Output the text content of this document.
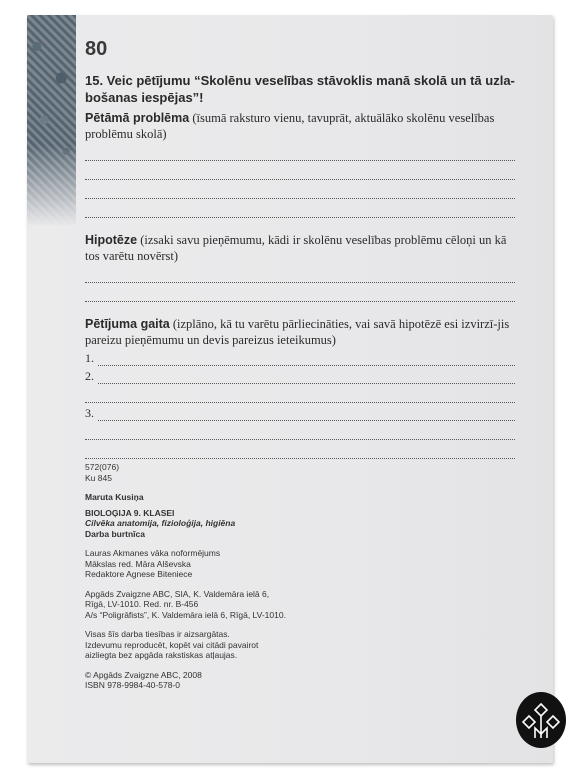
80
15. Veic pētījumu “Skolēnu veselības stāvoklis manā skolā un tā uzla-bošanas iespējas”!
Pētāmā problēma (īsumā raksturo vienu, tavuprāt, aktuālāko skolēnu veselības problēmu skolā)
Hipotēze (izsaki savu pieņēmumu, kādi ir skolēnu veselības problēmu cēloņi un kā tos varētu novērst)
Pētījuma gaita (izplāno, kā tu varētu pārliecināties, vai savā hipotēzē esi izvirzī-jis pareizu pieņēmumu un devis pareizus ieteikumus)
1.
2.
3.
572(076)
Ku 845
Maruta Kusiņa
BIOLOĢIJA 9. KLASEI
Cilvēka anatomija, fizioloģija, higiēna
Darba burtnīca
Lauras Akmanes vāka noformējums
Mākslas red. Māra Alševska
Redaktore Agnese Bitenieсe
Apgāds Zvaigzne ABC, SIA, K. Valdemāra ielā 6,
Rīgā, LV-1010. Red. nr. B-456
A/s “Poligrāfists”, K. Valdemāra ielā 6, Rīgā, LV-1010.
Visas šīs darba tiesības ir aizsargātas.
Izdevumu reproducēt, kopēt vai citādi pavairot
aizliegta bez apgāda rakstiskas atļaujas.
© Apgāds Zvaigzne ABC, 2008
ISBN 978-9984-40-578-0
